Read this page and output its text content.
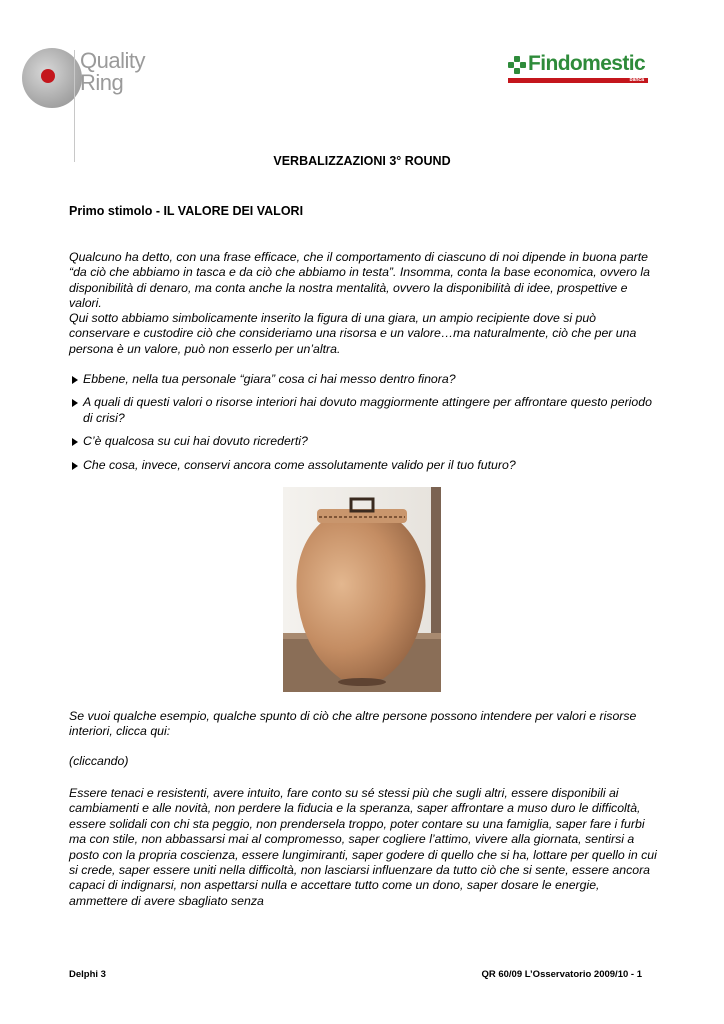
Quality
Ring
Findomestic
banca
VERBALIZZAZIONI 3° ROUND
Primo stimolo - IL VALORE DEI VALORI

Qualcuno ha detto, con una frase efficace, che il comportamento di ciascuno di noi dipende in buona parte “da ciò che abbiamo in tasca e da ciò che abbiamo in testa”. Insomma, conta la base economica, ovvero la disponibilità di denaro, ma conta anche la nostra mentalità, ovvero la disponibilità di idee, prospettive e valori.

Qui sotto abbiamo simbolicamente inserito la figura di una giara, un ampio recipiente dove si può conservare e custodire ciò che consideriamo una risorsa e un valore…ma naturalmente, ciò che per una persona è un valore, può non esserlo per un’altra.

Ebbene, nella tua personale “giara” cosa ci hai messo dentro finora?
A quali di questi valori o risorse interiori hai dovuto maggiormente attingere per affrontare questo periodo di crisi?
C’è qualcosa su cui hai dovuto ricrederti?
Che cosa, invece, conservi ancora come assolutamente valido per il tuo futuro?

Se vuoi qualche esempio, qualche spunto di ciò che altre persone possono intendere per valori e risorse interiori, clicca qui:

(cliccando)

Essere tenaci e resistenti, avere intuito, fare conto su sé stessi più che sugli altri, essere disponibili ai cambiamenti e alle novità, non perdere la fiducia e la speranza, saper affrontare a muso duro le difficoltà, essere solidali con chi sta peggio, non prendersela troppo, poter contare su una famiglia, saper fare i furbi ma con stile, non abbassarsi mai al compromesso, saper cogliere l’attimo, vivere alla giornata, sentirsi a posto con la propria coscienza, essere lungimiranti, saper godere di quello che si ha, lottare per quello in cui si crede, saper essere uniti nella difficoltà, non lasciarsi influenzare da tutto ciò che si sente, essere ancora capaci di indignarsi, non aspettarsi nulla e accettare tutto come un dono, saper dosare le energie, ammettere di avere sbagliato senza

Delphi 3	QR 60/09 L’Osservatorio 2009/10 - 1
